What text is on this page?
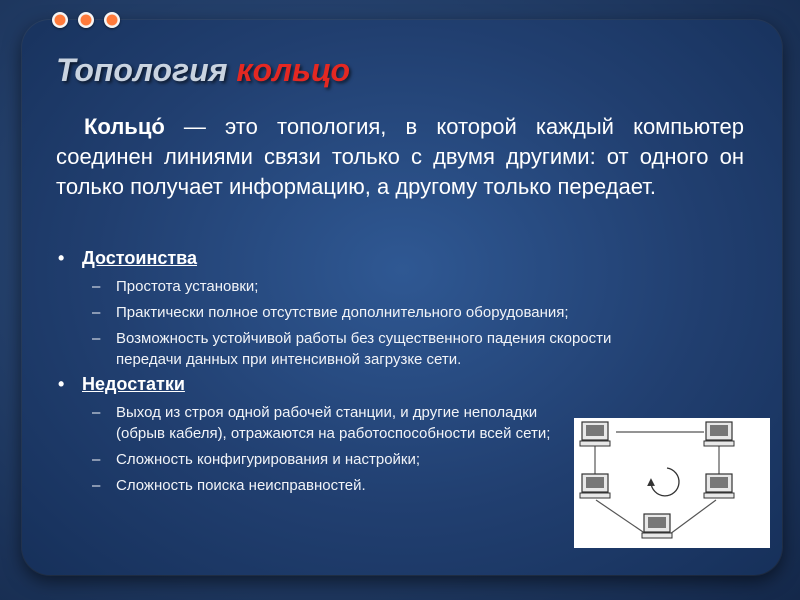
Топология кольцо

Кольцо́ — это топология, в которой каждый компьютер соединен линиями связи только с двумя другими: от одного он только получает информацию, а другому только передает.

• Достоинства
– Простота установки;
– Практически полное отсутствие дополнительного оборудования;
– Возможность устойчивой работы без существенного падения скорости передачи данных при интенсивной загрузке сети.
• Недостатки
– Выход из строя одной рабочей станции, и другие неполадки (обрыв кабеля), отражаются на работоспособности всей сети;
– Сложность конфигурирования и настройки;
– Сложность поиска неисправностей.
